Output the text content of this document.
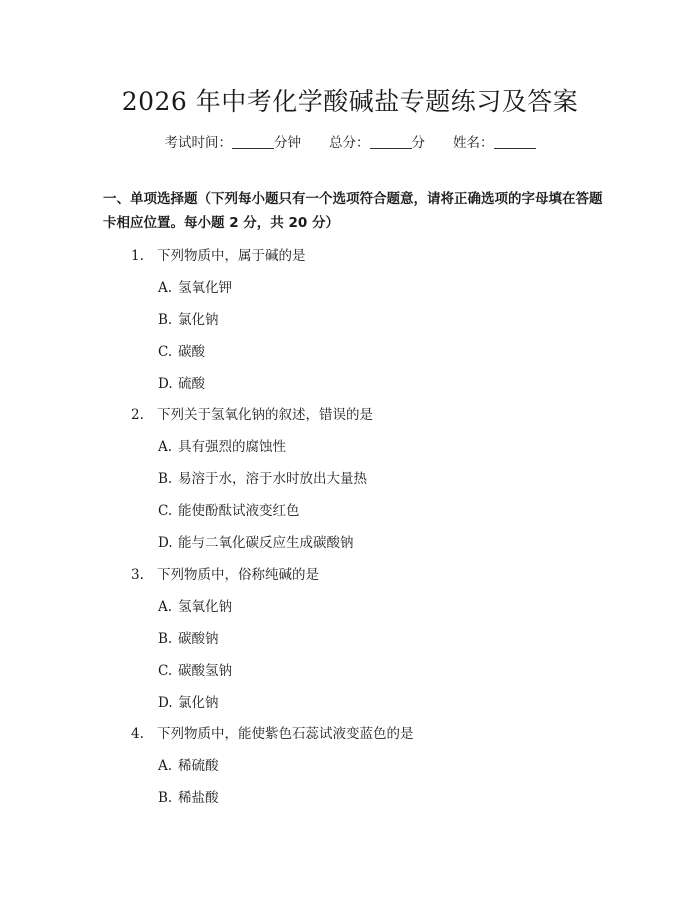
2026 年中考化学酸碱盐专题练习及答案
考试时间：	分钟 总分：	分 姓名：
一、单项选择题（下列每小题只有一个选项符合题意，请将正确选项的字母填在答题卡相应位置。每小题 2 分，共 20 分）
1. 下列物质中，属于碱的是
A. 氢氧化钾
B. 氯化钠
C. 碳酸
D. 硫酸
2. 下列关于氢氧化钠的叙述，错误的是
A. 具有强烈的腐蚀性
B. 易溶于水，溶于水时放出大量热
C. 能使酚酞试液变红色
D. 能与二氧化碳反应生成碳酸钠
3. 下列物质中，俗称纯碱的是
A. 氢氧化钠
B. 碳酸钠
C. 碳酸氢钠
D. 氯化钠
4. 下列物质中，能使紫色石蕊试液变蓝色的是
A. 稀硫酸
B. 稀盐酸
